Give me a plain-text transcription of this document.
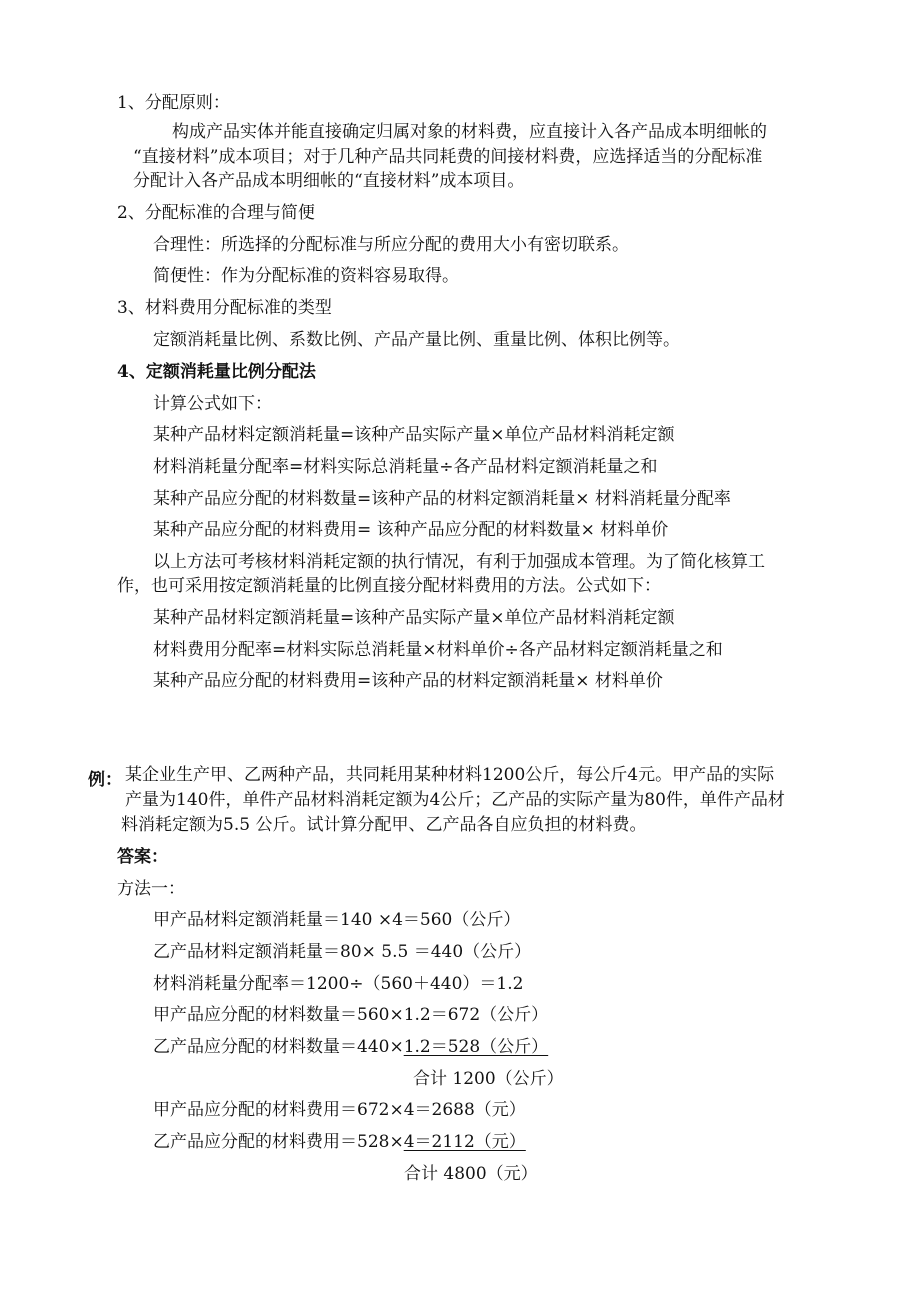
1、分配原则：
构成产品实体并能直接确定归属对象的材料费，应直接计入各产品成本明细帐的
“直接材料”成本项目；对于几种产品共同耗费的间接材料费，应选择适当的分配标准
分配计入各产品成本明细帐的“直接材料”成本项目。
2、分配标准的合理与简便
合理性：所选择的分配标准与所应分配的费用大小有密切联系。
简便性：作为分配标准的资料容易取得。
3、材料费用分配标准的类型
定额消耗量比例、系数比例、产品产量比例、重量比例、体积比例等。
4、定额消耗量比例分配法
计算公式如下：
某种产品材料定额消耗量=该种产品实际产量×单位产品材料消耗定额
材料消耗量分配率=材料实际总消耗量÷各产品材料定额消耗量之和
某种产品应分配的材料数量=该种产品的材料定额消耗量× 材料消耗量分配率
某种产品应分配的材料费用= 该种产品应分配的材料数量× 材料单价
以上方法可考核材料消耗定额的执行情况，有利于加强成本管理。为了简化核算工
作，也可采用按定额消耗量的比例直接分配材料费用的方法。公式如下：
某种产品材料定额消耗量=该种产品实际产量×单位产品材料消耗定额
材料费用分配率=材料实际总消耗量×材料单价÷各产品材料定额消耗量之和
某种产品应分配的材料费用=该种产品的材料定额消耗量× 材料单价
例： 某企业生产甲、乙两种产品，共同耗用某种材料1200公斤，每公斤4元。甲产品的实际
产量为140件，单件产品材料消耗定额为4公斤；乙产品的实际产量为80件，单件产品材
料消耗定额为5.5 公斤。试计算分配甲、乙产品各自应负担的材料费。
答案：
方法一：
甲产品材料定额消耗量＝140 ×4＝560（公斤）
乙产品材料定额消耗量＝80× 5.5 ＝440（公斤）
材料消耗量分配率＝1200÷（560＋440）＝1.2
甲产品应分配的材料数量＝560×1.2＝672（公斤）
乙产品应分配的材料数量＝440×1.2＝528（公斤）
合计 1200（公斤）
甲产品应分配的材料费用＝672×4＝2688（元）
乙产品应分配的材料费用＝528×4＝2112（元）
合计 4800（元）
